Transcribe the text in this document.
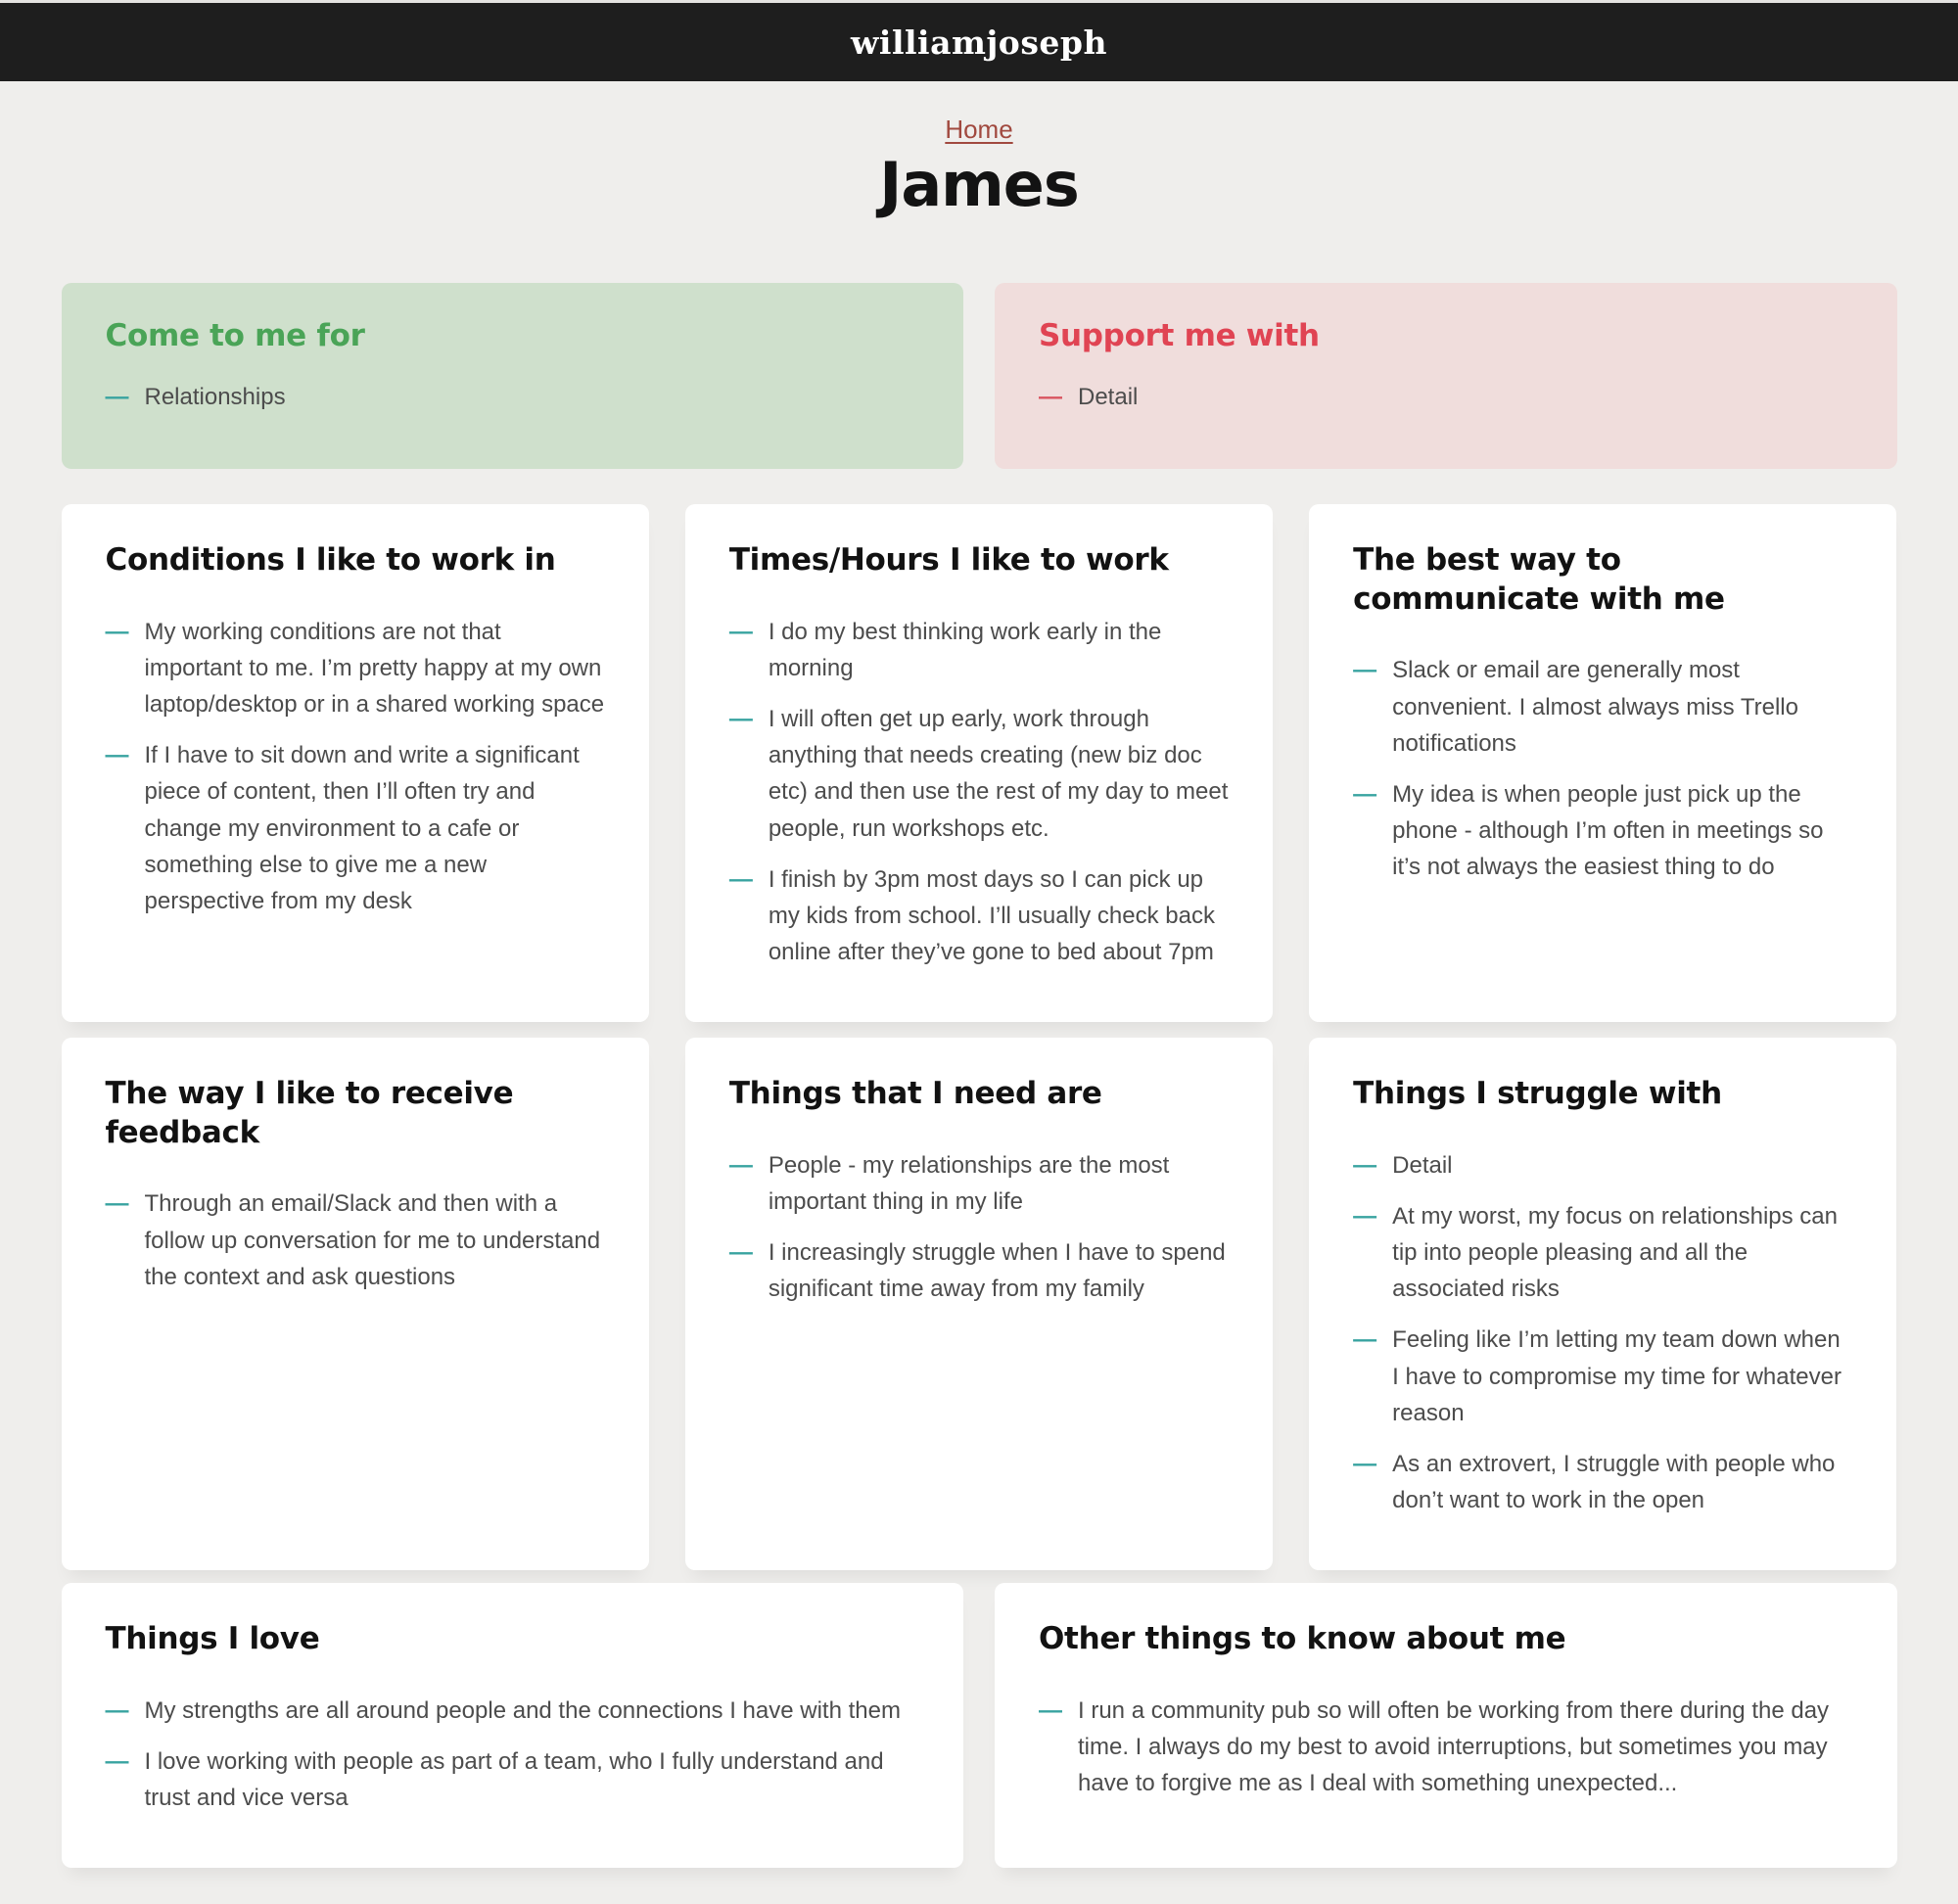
williamjoseph
Home
James
Come to me for
— Relationships
Support me with
— Detail
Conditions I like to work in
— My working conditions are not that important to me. I’m pretty happy at my own laptop/desktop or in a shared working space
— If I have to sit down and write a significant piece of content, then I’ll often try and change my environment to a cafe or something else to give me a new perspective from my desk
Times/Hours I like to work
— I do my best thinking work early in the morning
— I will often get up early, work through anything that needs creating (new biz doc etc) and then use the rest of my day to meet people, run workshops etc.
— I finish by 3pm most days so I can pick up my kids from school. I’ll usually check back online after they’ve gone to bed about 7pm
The best way to communicate with me
— Slack or email are generally most convenient. I almost always miss Trello notifications
— My idea is when people just pick up the phone - although I’m often in meetings so it’s not always the easiest thing to do
The way I like to receive feedback
— Through an email/Slack and then with a follow up conversation for me to understand the context and ask questions
Things that I need are
— People - my relationships are the most important thing in my life
— I increasingly struggle when I have to spend significant time away from my family
Things I struggle with
— Detail
— At my worst, my focus on relationships can tip into people pleasing and all the associated risks
— Feeling like I’m letting my team down when I have to compromise my time for whatever reason
— As an extrovert, I struggle with people who don’t want to work in the open
Things I love
— My strengths are all around people and the connections I have with them
— I love working with people as part of a team, who I fully understand and trust and vice versa
Other things to know about me
— I run a community pub so will often be working from there during the day time. I always do my best to avoid interruptions, but sometimes you may have to forgive me as I deal with something unexpected...
